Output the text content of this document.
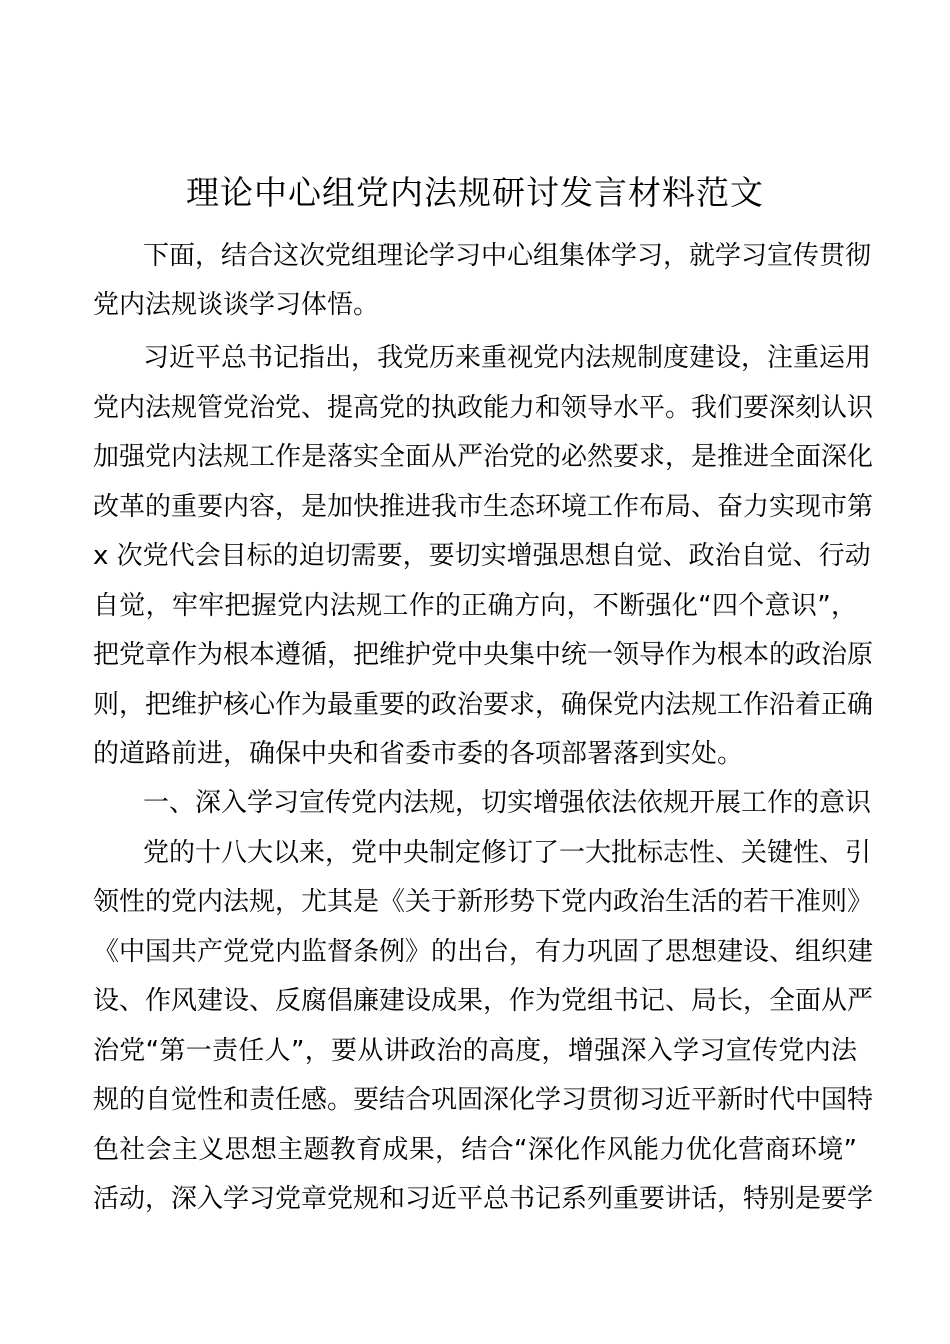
理论中心组党内法规研讨发言材料范文
下面，结合这次党组理论学习中心组集体学习，就学习宣传贯彻
党内法规谈谈学习体悟。
习近平总书记指出，我党历来重视党内法规制度建设，注重运用
党内法规管党治党、提高党的执政能力和领导水平。我们要深刻认识
加强党内法规工作是落实全面从严治党的必然要求，是推进全面深化
改革的重要内容，是加快推进我市生态环境工作布局、奋力实现市第
x 次党代会目标的迫切需要，要切实增强思想自觉、政治自觉、行动
自觉，牢牢把握党内法规工作的正确方向，不断强化“四个意识”，
把党章作为根本遵循，把维护党中央集中统一领导作为根本的政治原
则，把维护核心作为最重要的政治要求，确保党内法规工作沿着正确
的道路前进，确保中央和省委市委的各项部署落到实处。
一、深入学习宣传党内法规，切实增强依法依规开展工作的意识
党的十八大以来，党中央制定修订了一大批标志性、关键性、引
领性的党内法规，尤其是《关于新形势下党内政治生活的若干准则》
《中国共产党党内监督条例》的出台，有力巩固了思想建设、组织建
设、作风建设、反腐倡廉建设成果，作为党组书记、局长，全面从严
治党“第一责任人”，要从讲政治的高度，增强深入学习宣传党内法
规的自觉性和责任感。要结合巩固深化学习贯彻习近平新时代中国特
色社会主义思想主题教育成果，结合“深化作风能力优化营商环境”
活动，深入学习党章党规和习近平总书记系列重要讲话，特别是要学
